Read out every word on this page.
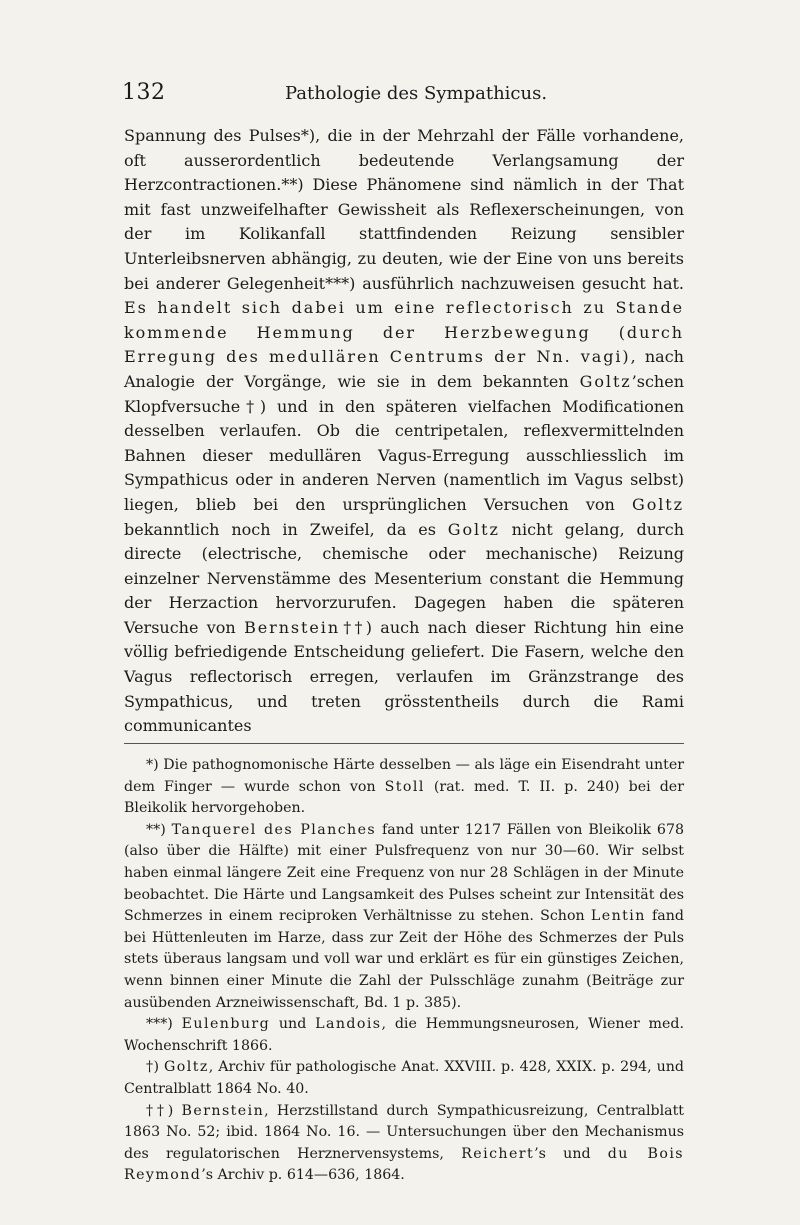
132	Pathologie des Sympathicus.
Spannung des Pulses*), die in der Mehrzahl der Fälle vorhandene, oft ausserordentlich bedeutende Verlangsamung der Herzcontractionen.**) Diese Phänomene sind nämlich in der That mit fast unzweifelhafter Gewissheit als Reflexerscheinungen, von der im Kolikanfall stattfindenden Reizung sensibler Unterleibsnerven abhängig, zu deuten, wie der Eine von uns bereits bei anderer Gelegenheit***) ausführlich nachzuweisen gesucht hat. Es handelt sich dabei um eine reflectorisch zu Stande kommende Hemmung der Herzbewegung (durch Erregung des medullären Centrums der Nn. vagi), nach Analogie der Vorgänge, wie sie in dem bekannten Goltz’schen Klopfversuche†) und in den späteren vielfachen Modificationen desselben verlaufen. Ob die centripetalen, reflexvermittelnden Bahnen dieser medullären Vagus-Erregung ausschliesslich im Sympathicus oder in anderen Nerven (namentlich im Vagus selbst) liegen, blieb bei den ursprünglichen Versuchen von Goltz bekanntlich noch in Zweifel, da es Goltz nicht gelang, durch directe (electrische, chemische oder mechanische) Reizung einzelner Nervenstämme des Mesenterium constant die Hemmung der Herzaction hervorzurufen. Dagegen haben die späteren Versuche von Bernstein††) auch nach dieser Richtung hin eine völlig befriedigende Entscheidung geliefert. Die Fasern, welche den Vagus reflectorisch erregen, verlaufen im Gränzstrange des Sympathicus, und treten grösstentheils durch die Rami communicantes

*) Die pathognomonische Härte desselben — als läge ein Eisendraht unter dem Finger — wurde schon von Stoll (rat. med. T. II. p. 240) bei der Bleikolik hervorgehoben.

**) Tanquerel des Planches fand unter 1217 Fällen von Bleikolik 678 (also über die Hälfte) mit einer Pulsfrequenz von nur 30—60. Wir selbst haben einmal längere Zeit eine Frequenz von nur 28 Schlägen in der Minute beobachtet. Die Härte und Langsamkeit des Pulses scheint zur Intensität des Schmerzes in einem reciproken Verhältnisse zu stehen. Schon Lentin fand bei Hüttenleuten im Harze, dass zur Zeit der Höhe des Schmerzes der Puls stets überaus langsam und voll war und erklärt es für ein günstiges Zeichen, wenn binnen einer Minute die Zahl der Pulsschläge zunahm (Beiträge zur ausübenden Arzneiwissenschaft, Bd. 1 p. 385).

***) Eulenburg und Landois, die Hemmungsneurosen, Wiener med. Wochenschrift 1866.

†) Goltz, Archiv für pathologische Anat. XXVIII. p. 428, XXIX. p. 294, und Centralblatt 1864 No. 40.

††) Bernstein, Herzstillstand durch Sympathicusreizung, Centralblatt 1863 No. 52; ibid. 1864 No. 16. — Untersuchungen über den Mechanismus des regulatorischen Herznervensystems, Reichert’s und du Bois Reymond’s Archiv p. 614—636, 1864.
